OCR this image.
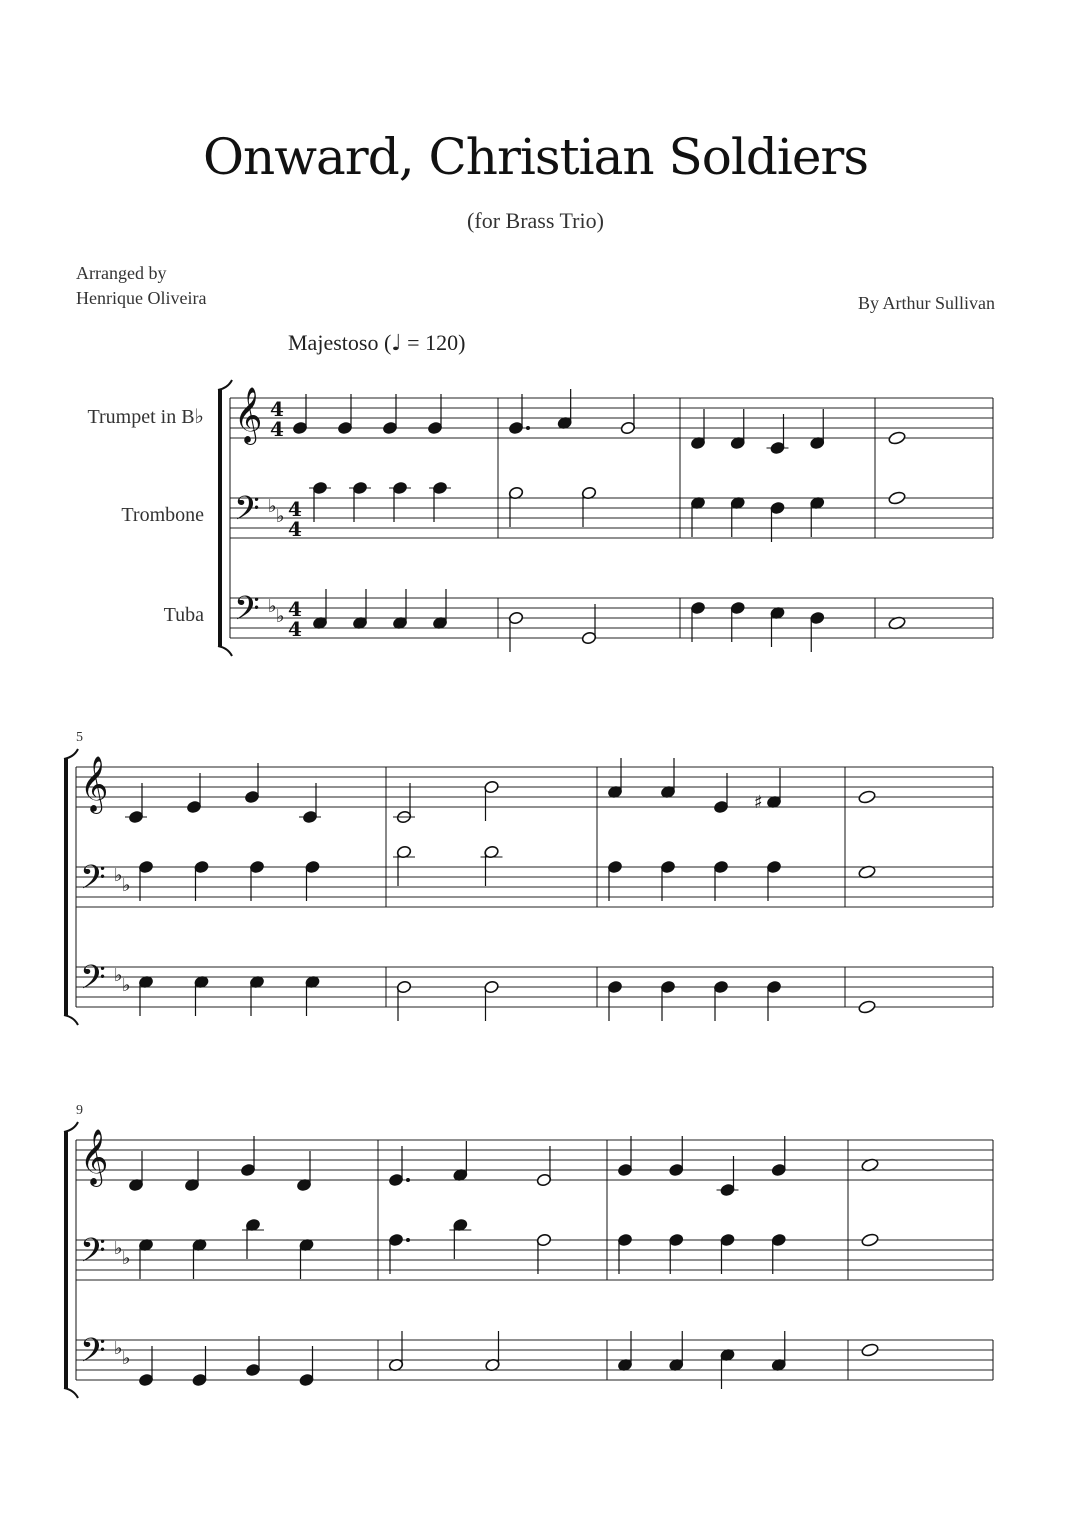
Onward, Christian Soldiers
(for Brass Trio)
Arranged by
Henrique Oliveira	By Arthur Sullivan
Majestoso (♩ = 120)
Trumpet in B♭
Trombone
Tuba
5
9
𝄞 4
4
𝄢 ♭ ♭ 4
4
𝄢 ♭ ♭ 4
4
𝄞
𝄢 ♭ ♭
𝄢 ♭ ♭
♯
𝄞
𝄢 ♭ ♭
𝄢 ♭ ♭
